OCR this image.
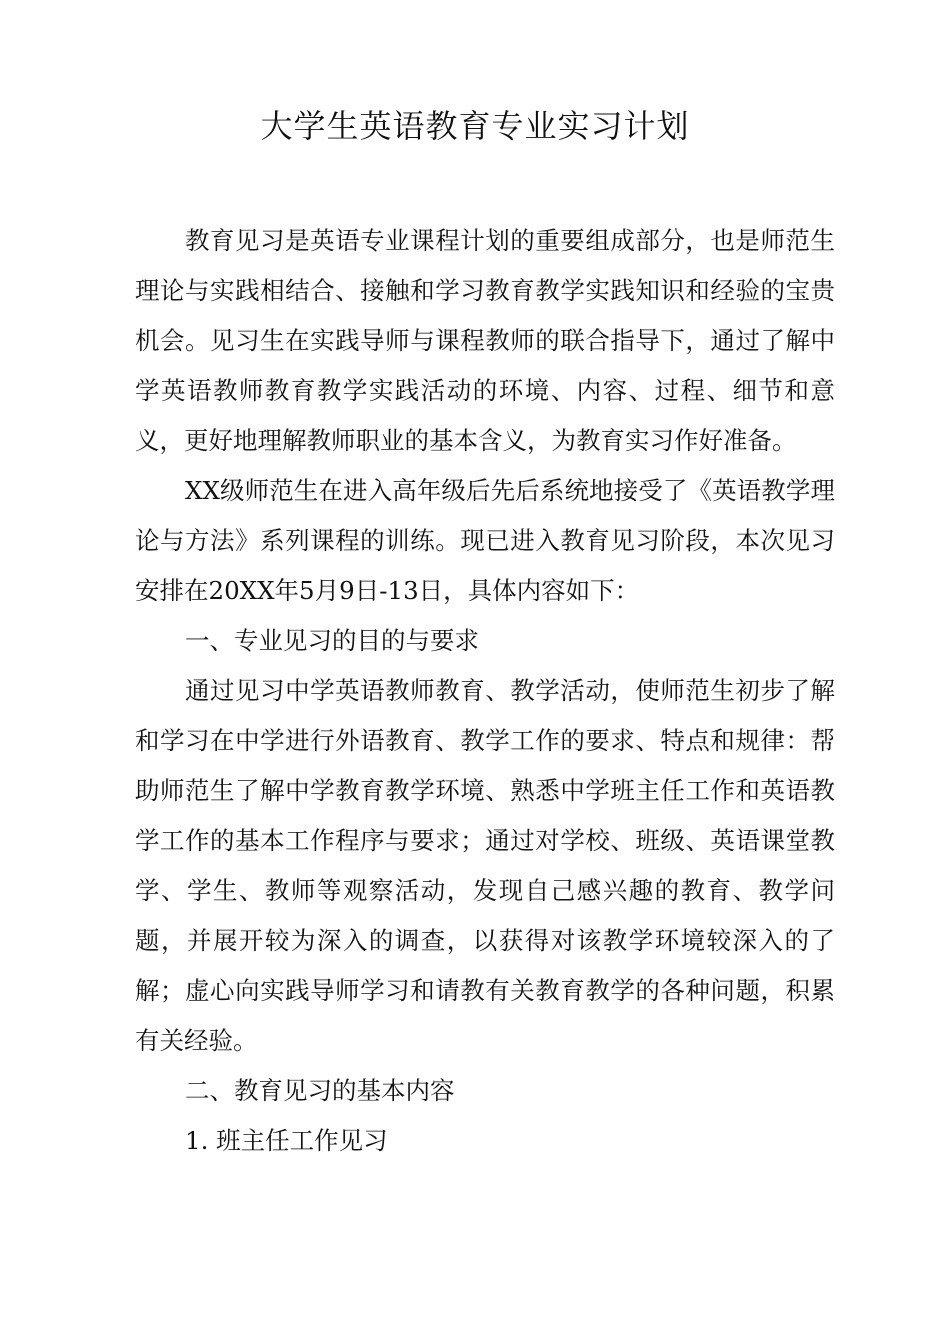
大学生英语教育专业实习计划

教育见习是英语专业课程计划的重要组成部分，也是师范生理论与实践相结合、接触和学习教育教学实践知识和经验的宝贵机会。见习生在实践导师与课程教师的联合指导下，通过了解中学英语教师教育教学实践活动的环境、内容、过程、细节和意义，更好地理解教师职业的基本含义，为教育实习作好准备。

XX级师范生在进入高年级后先后系统地接受了《英语教学理论与方法》系列课程的训练。现已进入教育见习阶段，本次见习安排在20XX年5月9日-13日，具体内容如下：

一、专业见习的目的与要求

通过见习中学英语教师教育、教学活动，使师范生初步了解和学习在中学进行外语教育、教学工作的要求、特点和规律：帮助师范生了解中学教育教学环境、熟悉中学班主任工作和英语教学工作的基本工作程序与要求；通过对学校、班级、英语课堂教学、学生、教师等观察活动，发现自己感兴趣的教育、教学问题，并展开较为深入的调查，以获得对该教学环境较深入的了解；虚心向实践导师学习和请教有关教育教学的各种问题，积累有关经验。

二、教育见习的基本内容

1. 班主任工作见习
